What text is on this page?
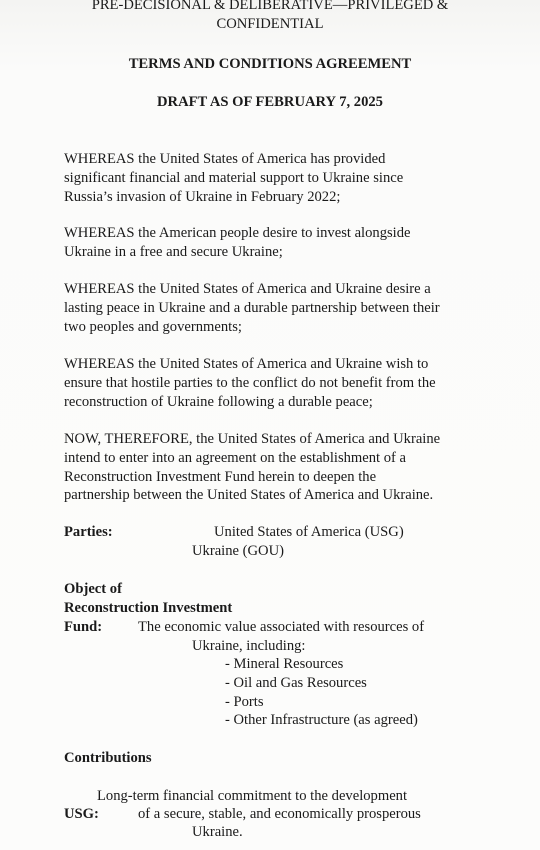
PRE-DECISIONAL & DELIBERATIVE—PRIVILEGED &
CONFIDENTIAL
TERMS AND CONDITIONS AGREEMENT
DRAFT AS OF FEBRUARY 7, 2025
WHEREAS the United States of America has provided
significant financial and material support to Ukraine since
Russia’s invasion of Ukraine in February 2022;
WHEREAS the American people desire to invest alongside
Ukraine in a free and secure Ukraine;
WHEREAS the United States of America and Ukraine desire a
lasting peace in Ukraine and a durable partnership between their
two peoples and governments;
WHEREAS the United States of America and Ukraine wish to
ensure that hostile parties to the conflict do not benefit from the
reconstruction of Ukraine following a durable peace;
NOW, THEREFORE, the United States of America and Ukraine
intend to enter into an agreement on the establishment of a
Reconstruction Investment Fund herein to deepen the
partnership between the United States of America and Ukraine.
Parties:	United States of America (USG)
Ukraine (GOU)
Object of
Reconstruction Investment
Fund: The economic value associated with resources of
Ukraine, including:
- Mineral Resources
- Oil and Gas Resources
- Ports
- Other Infrastructure (as agreed)
Contributions
Long-term financial commitment to the development
USG:	of a secure, stable, and economically prosperous
Ukraine.
